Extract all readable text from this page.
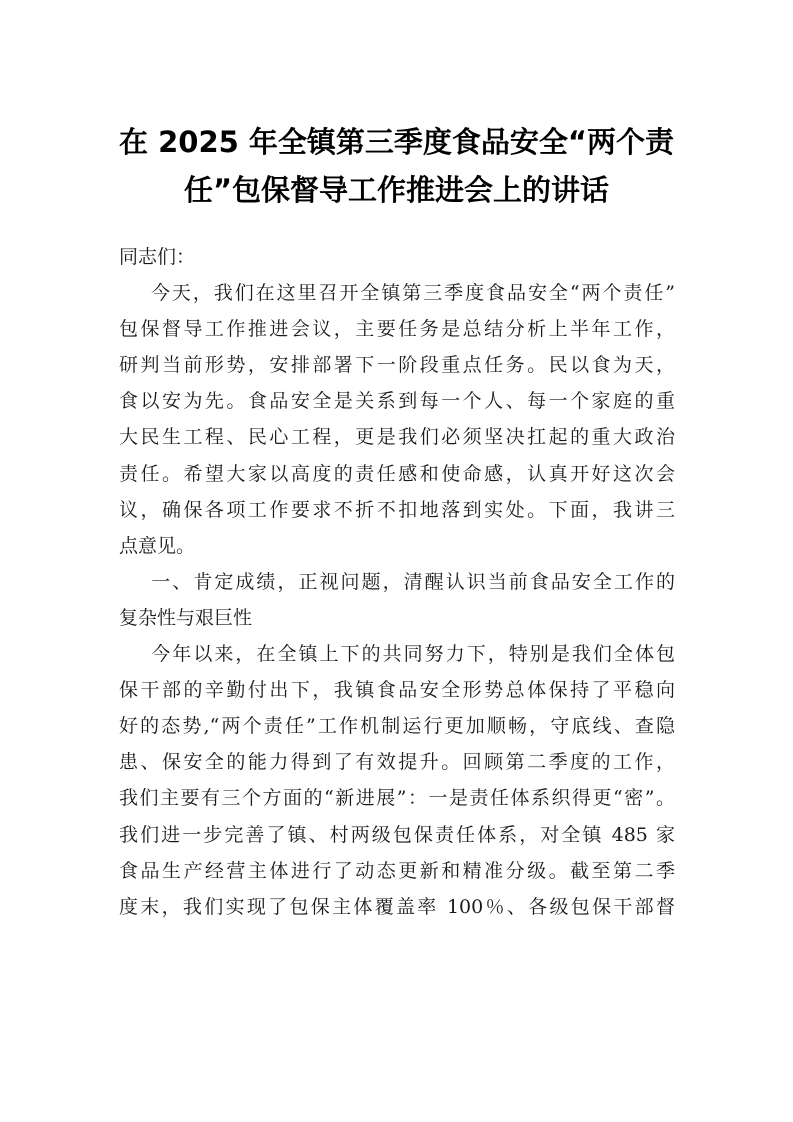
在 2025 年全镇第三季度食品安全“两个责
任”包保督导工作推进会上的讲话
同志们：
今天，我们在这里召开全镇第三季度食品安全“两个责任”
包保督导工作推进会议，主要任务是总结分析上半年工作，
研判当前形势，安排部署下一阶段重点任务。民以食为天，
食以安为先。食品安全是关系到每一个人、每一个家庭的重
大民生工程、民心工程，更是我们必须坚决扛起的重大政治
责任。希望大家以高度的责任感和使命感，认真开好这次会
议，确保各项工作要求不折不扣地落到实处。下面，我讲三
点意见。
一、肯定成绩，正视问题，清醒认识当前食品安全工作的
复杂性与艰巨性
今年以来，在全镇上下的共同努力下，特别是我们全体包
保干部的辛勤付出下，我镇食品安全形势总体保持了平稳向
好的态势,“两个责任”工作机制运行更加顺畅，守底线、查隐
患、保安全的能力得到了有效提升。回顾第二季度的工作，
我们主要有三个方面的“新进展”：一是责任体系织得更“密”。
我们进一步完善了镇、村两级包保责任体系，对全镇 485 家
食品生产经营主体进行了动态更新和精准分级。截至第二季
度末，我们实现了包保主体覆盖率 100％、各级包保干部督
